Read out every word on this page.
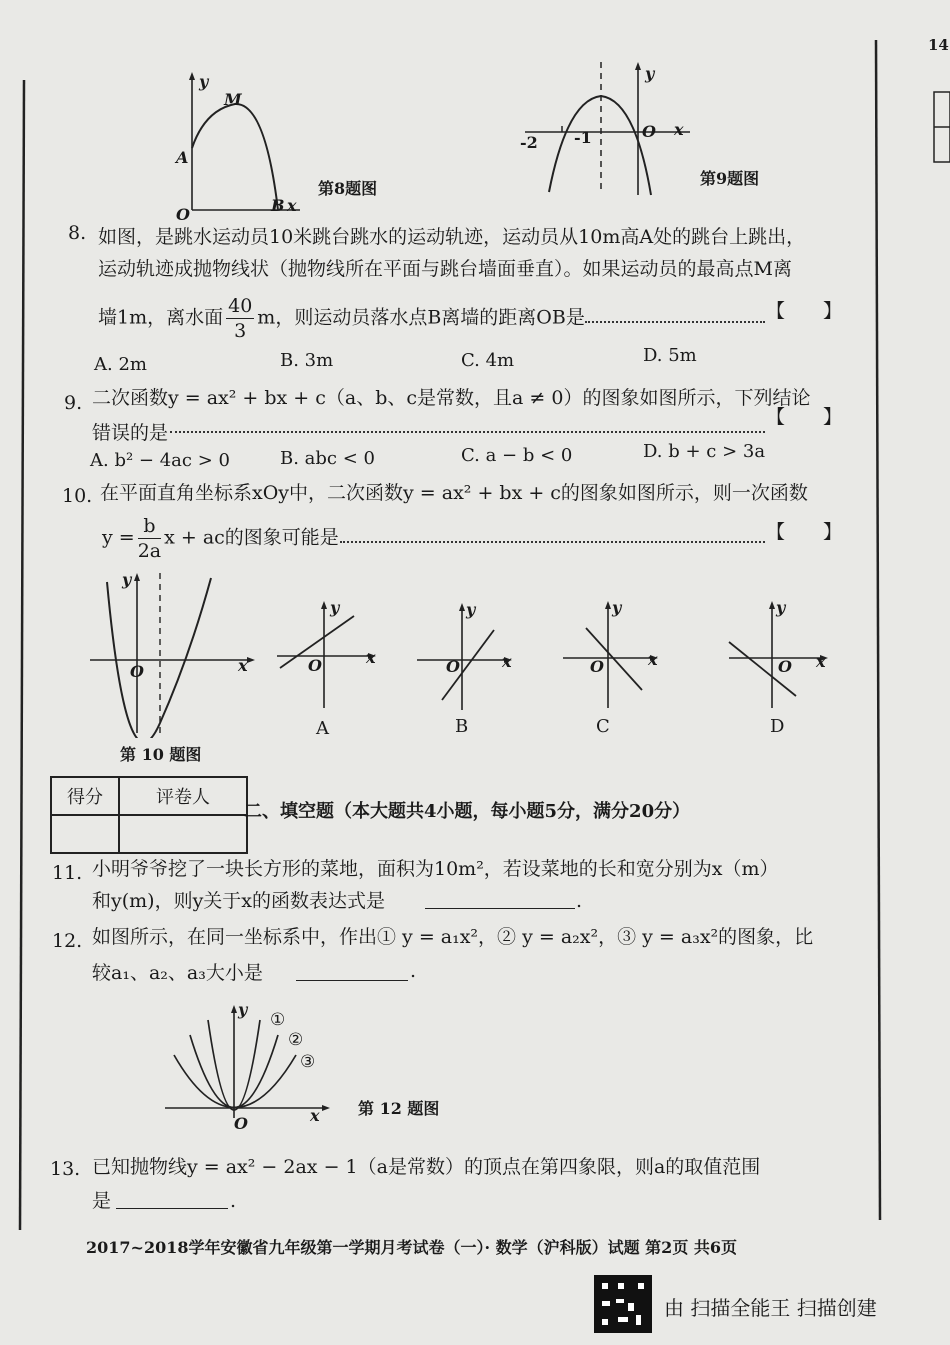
14
y
M
A
O	B x
第8题图
y
-2 -1	O x
第9题图
8. 如图，是跳水运动员10米跳台跳水的运动轨迹，运动员从10m高A处的跳台上跳出，
运动轨迹成抛物线状（抛物线所在平面与跳台墙面垂直）。如果运动员的最高点M离
墙1m，离水面 $\frac{40}{3}$ m，则运动员落水点B离墙的距离OB是	【　　】
A. 2m	B. 3m	C. 4m	D. 5m
9. 二次函数y = ax² + bx + c（a、b、c是常数，且a ≠ 0）的图象如图所示，下列结论
错误的是
【　　】
A. b² − 4ac > 0	B. abc < 0	C. a − b < 0	D. b + c > 3a
10. 在平面直角坐标系xOy中，二次函数y = ax² + bx + c的图象如图所示，则一次函数
$y = \frac{b}{2a}$ x + ac的图象可能是	【　　】
y
O	x
第 10 题图
y
O	x
A
y
O	x
B
y
O	x
C
y
O x
D
得分	评卷人

二、填空题（本大题共4小题，每小题5分，满分20分）
11. 小明爷爷挖了一块长方形的菜地，面积为10m²，若设菜地的长和宽分别为x（m）
和y(m)，则y关于x的函数表达式是	.
12. 如图所示，在同一坐标系中，作出① y = a₁x²，② y = a₂x²，③ y = a₃x²的图象，比
较a₁、a₂、a₃大小是	.
y
O	x
①
②
③
第 12 题图
13. 已知抛物线y = ax² − 2ax − 1（a是常数）的顶点在第四象限，则a的取值范围
是	.
2017~2018学年安徽省九年级第一学期月考试卷（一）· 数学（沪科版）试题 第2页 共6页
由 扫描全能王 扫描创建
